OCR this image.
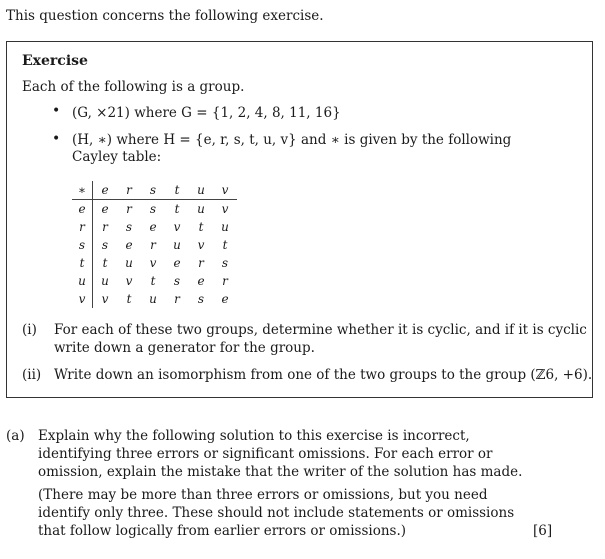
This question concerns the following exercise.
Exercise
Each of the following is a group.
• (G, ×21) where G = {1, 2, 4, 8, 11, 16}
• (H, ∗) where H = {e, r, s, t, u, v} and ∗ is given by the following
Cayley table:
∗	e	r	s	t	u	v
e	e	r	s	t	u	v
r	r	s	e	v	t	u
s	s	e	r	u	v	t
t	t	u	v	e	r	s
u	u	v	t	s	e	r
v	v	t	u	r	s	e
(i) For each of these two groups, determine whether it is cyclic, and if it is cyclic
write down a generator for the group.
(ii) Write down an isomorphism from one of the two groups to the group (ℤ6, +6).
(a) Explain why the following solution to this exercise is incorrect,
identifying three errors or significant omissions. For each error or
omission, explain the mistake that the writer of the solution has made.
(There may be more than three errors or omissions, but you need
identify only three. These should not include statements or omissions
that follow logically from earlier errors or omissions.)	[6]
